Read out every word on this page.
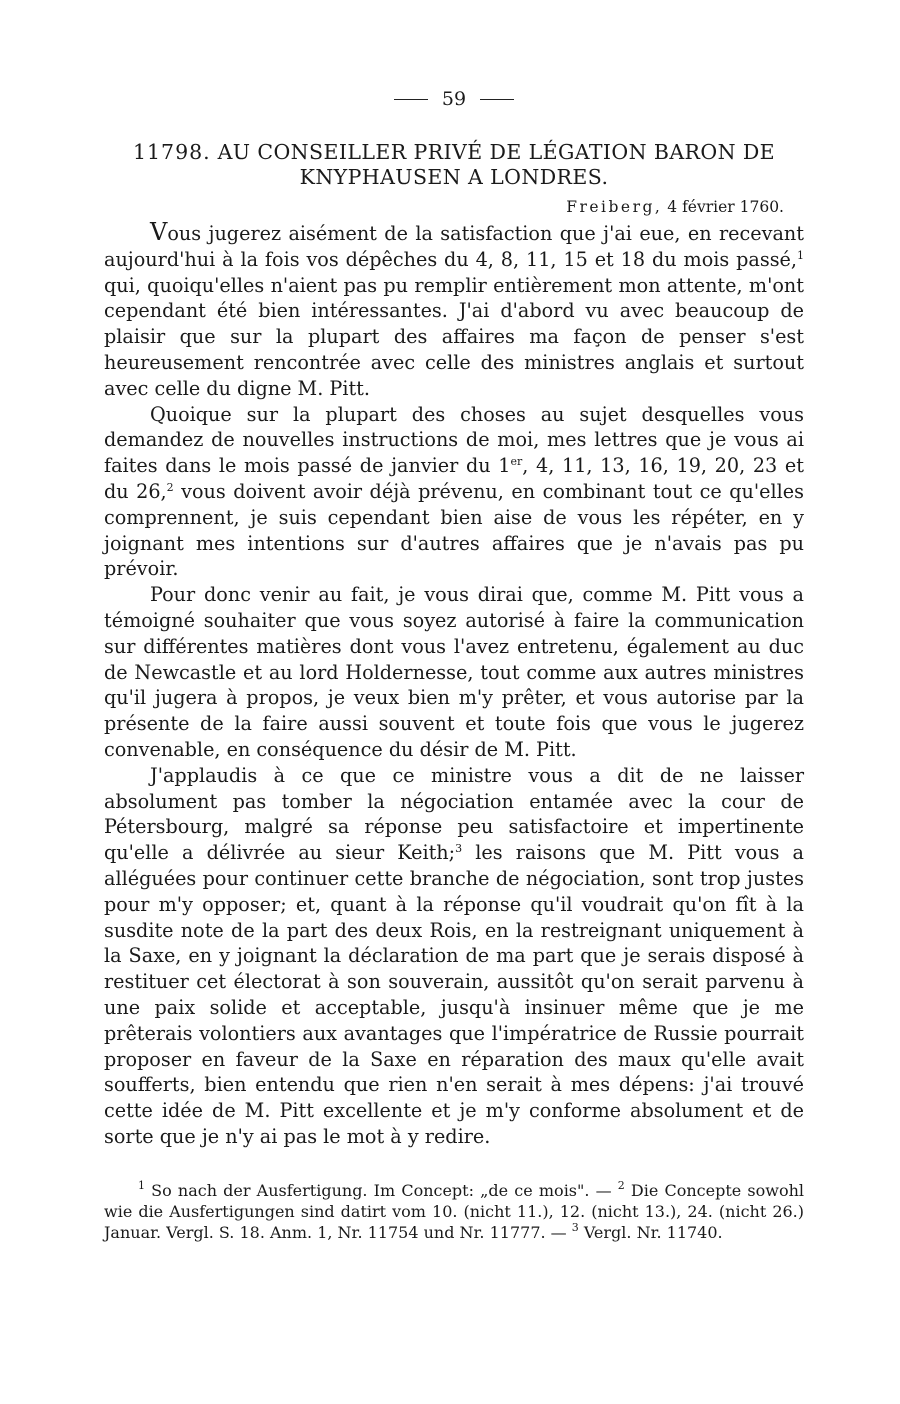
59
11798. AU CONSEILLER PRIVÉ DE LÉGATION BARON DE KNYPHAUSEN A LONDRES.
Freiberg, 4 février 1760.

Vous jugerez aisément de la satisfaction que j'ai eue, en recevant aujourd'hui à la fois vos dépêches du 4, 8, 11, 15 et 18 du mois passé,$^1$ qui, quoiqu'elles n'aient pas pu remplir entièrement mon attente, m'ont cependant été bien intéressantes. J'ai d'abord vu avec beaucoup de plaisir que sur la plupart des affaires ma façon de penser s'est heureusement rencontrée avec celle des ministres anglais et surtout avec celle du digne M. Pitt.

Quoique sur la plupart des choses au sujet desquelles vous demandez de nouvelles instructions de moi, mes lettres que je vous ai faites dans le mois passé de janvier du 1er, 4, 11, 13, 16, 19, 20, 23 et du 26,$^2$ vous doivent avoir déjà prévenu, en combinant tout ce qu'elles comprennent, je suis cependant bien aise de vous les répéter, en y joignant mes intentions sur d'autres affaires que je n'avais pas pu prévoir.

Pour donc venir au fait, je vous dirai que, comme M. Pitt vous a témoigné souhaiter que vous soyez autorisé à faire la communication sur différentes matières dont vous l'avez entretenu, également au duc de Newcastle et au lord Holdernesse, tout comme aux autres ministres qu'il jugera à propos, je veux bien m'y prêter, et vous autorise par la présente de la faire aussi souvent et toute fois que vous le jugerez convenable, en conséquence du désir de M. Pitt.

J'applaudis à ce que ce ministre vous a dit de ne laisser absolument pas tomber la négociation entamée avec la cour de Pétersbourg, malgré sa réponse peu satisfactoire et impertinente qu'elle a délivrée au sieur Keith;$^3$ les raisons que M. Pitt vous a alléguées pour continuer cette branche de négociation, sont trop justes pour m'y opposer; et, quant à la réponse qu'il voudrait qu'on fît à la susdite note de la part des deux Rois, en la restreignant uniquement à la Saxe, en y joignant la déclaration de ma part que je serais disposé à restituer cet électorat à son souverain, aussitôt qu'on serait parvenu à une paix solide et acceptable, jusqu'à insinuer même que je me prêterais volontiers aux avantages que l'impératrice de Russie pourrait proposer en faveur de la Saxe en réparation des maux qu'elle avait soufferts, bien entendu que rien n'en serait à mes dépens: j'ai trouvé cette idée de M. Pitt excellente et je m'y conforme absolument et de sorte que je n'y ai pas le mot à y redire.

$^1$ So nach der Ausfertigung. Im Concept: „de ce mois". — $^2$ Die Concepte sowohl wie die Ausfertigungen sind datirt vom 10. (nicht 11.), 12. (nicht 13.), 24. (nicht 26.) Januar. Vergl. S. 18. Anm. 1, Nr. 11754 und Nr. 11777. — $^3$ Vergl. Nr. 11740.
